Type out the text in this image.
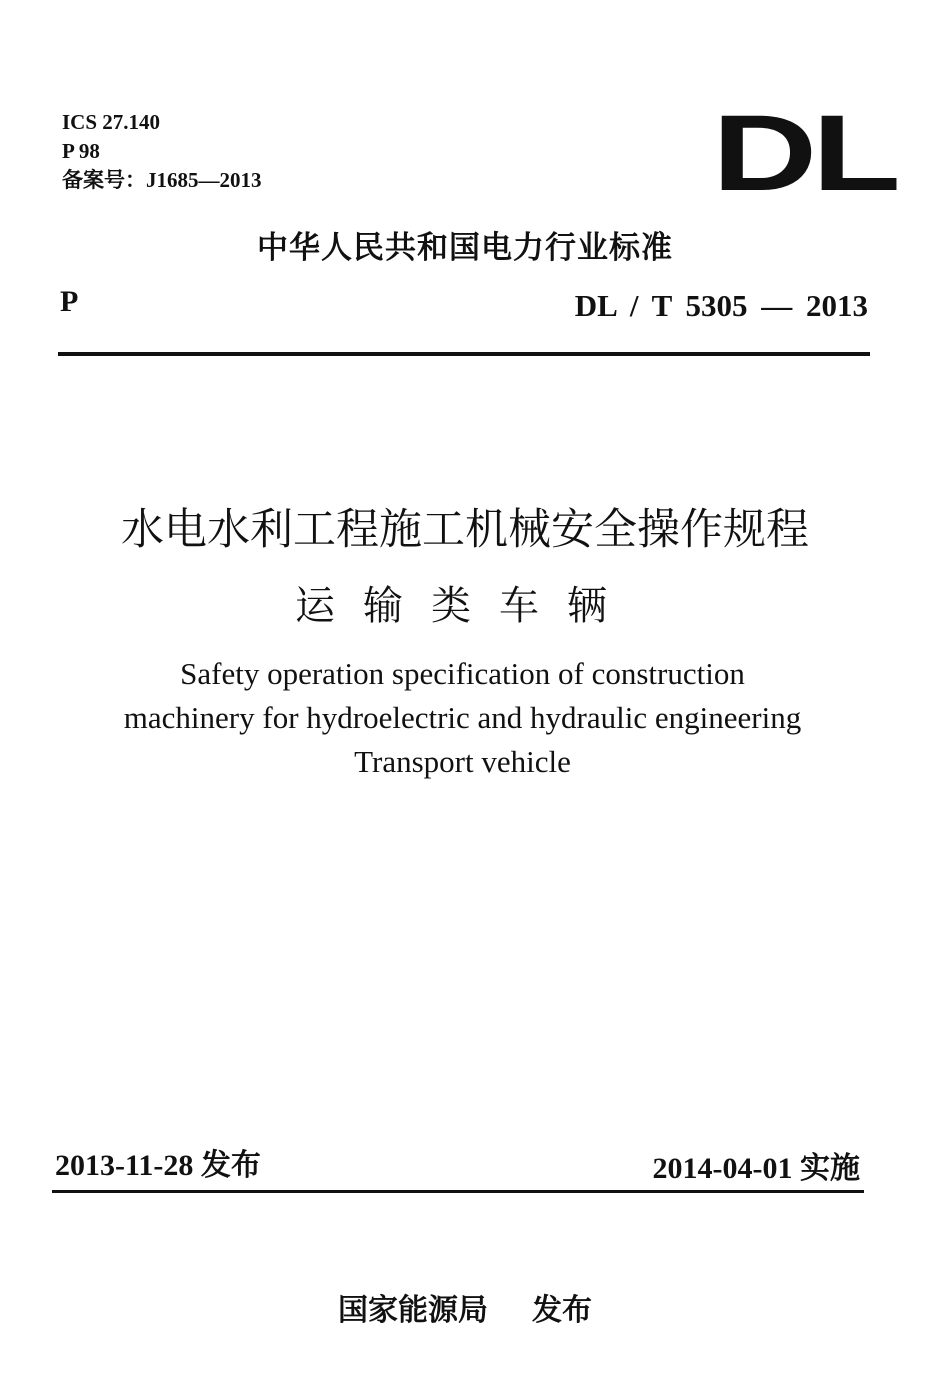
ICS 27.140
P 98
备案号：J1685—2013	DL
中华人民共和国电力行业标准
P	DL / T 5305 — 2013
水电水利工程施工机械安全操作规程
运输类车辆
Safety operation specification of construction
machinery for hydroelectric and hydraulic engineering
Transport vehicle
2013-11-28 发布	2014-04-01 实施
国家能源局 发布
